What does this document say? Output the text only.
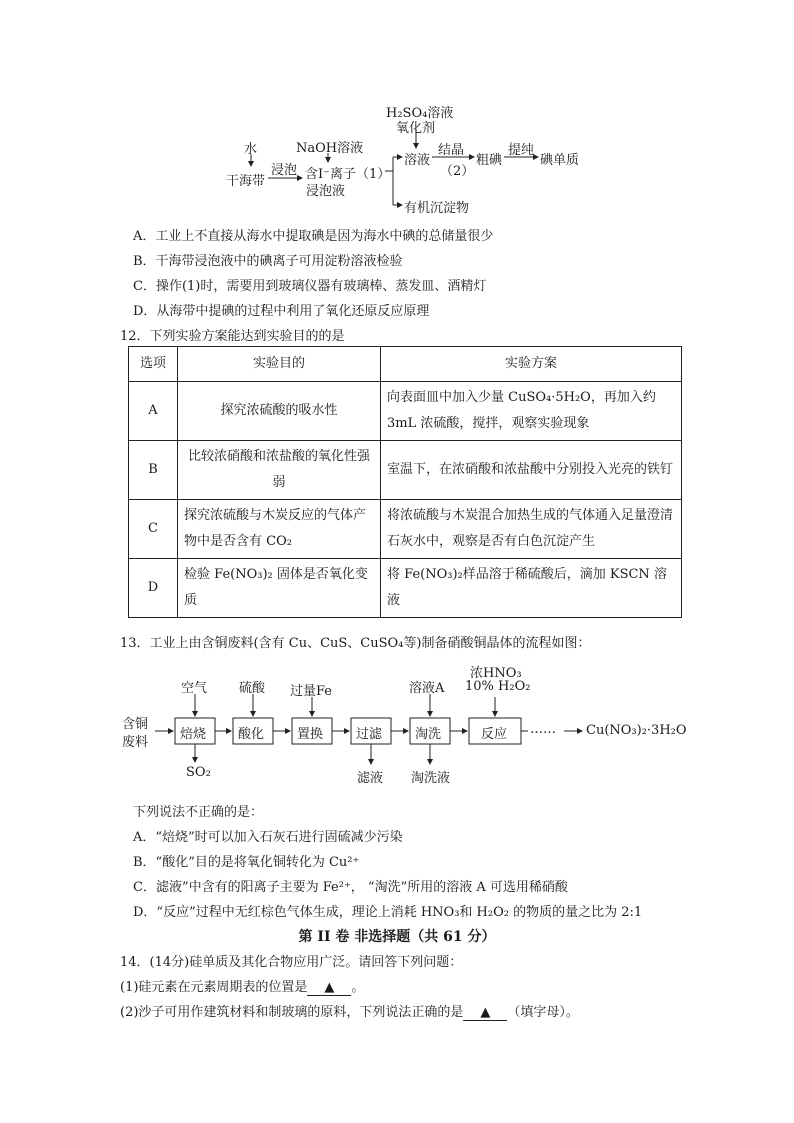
水
干海带
浸泡
NaOH溶液
含I⁻离子（1）
浸泡液
H₂SO₄溶液
氧化剂
溶液
结晶
（2）
粗碘
提纯
碘单质
有机沉淀物
A．工业上不直接从海水中提取碘是因为海水中碘的总储量很少
B．干海带浸泡液中的碘离子可用淀粉溶液检验
C．操作(1)时，需要用到玻璃仪器有玻璃棒、蒸发皿、酒精灯
D．从海带中提碘的过程中利用了氧化还原反应原理
12．下列实验方案能达到实验目的的是
选项	实验目的	实验方案
A	探究浓硫酸的吸水性	向表面皿中加入少量 CuSO₄·5H₂O，再加入约3mL 浓硫酸，搅拌，观察实验现象
B	比较浓硝酸和浓盐酸的氧化性强弱	室温下，在浓硝酸和浓盐酸中分别投入光亮的铁钉
C	探究浓硫酸与木炭反应的气体产物中是否含有 CO₂	将浓硫酸与木炭混合加热生成的气体通入足量澄清石灰水中，观察是否有白色沉淀产生
D	检验 Fe(NO₃)₂ 固体是否氧化变质	将 Fe(NO₃)₂样品溶于稀硫酸后，滴加 KSCN 溶液
13．工业上由含铜废料(含有 Cu、CuS、CuSO₄等)制备硝酸铜晶体的流程如图：
含铜
废料
焙烧 酸化	置换	过滤	淘洗	反应
空气 硫酸 过量Fe	溶液A
浓HNO₃
10% H₂O₂
SO₂	滤液 淘洗液
…… Cu(NO₃)₂·3H₂O
下列说法不正确的是：
A．“焙烧”时可以加入石灰石进行固硫减少污染
B．“酸化”目的是将氧化铜转化为 Cu²⁺
C．滤液”中含有的阳离子主要为 Fe²⁺， “淘洗”所用的溶液 A 可选用稀硝酸
D．“反应”过程中无红棕色气体生成，理论上消耗 HNO₃和 H₂O₂ 的物质的量之比为 2:1
第 II 卷 非选择题（共 61 分）
14．(14分)硅单质及其化合物应用广泛。请回答下列问题：
(1)硅元素在元素周期表的位置是 ▲ 。
(2)沙子可用作建筑材料和制玻璃的原料，下列说法正确的是 ▲ （填字母）。
